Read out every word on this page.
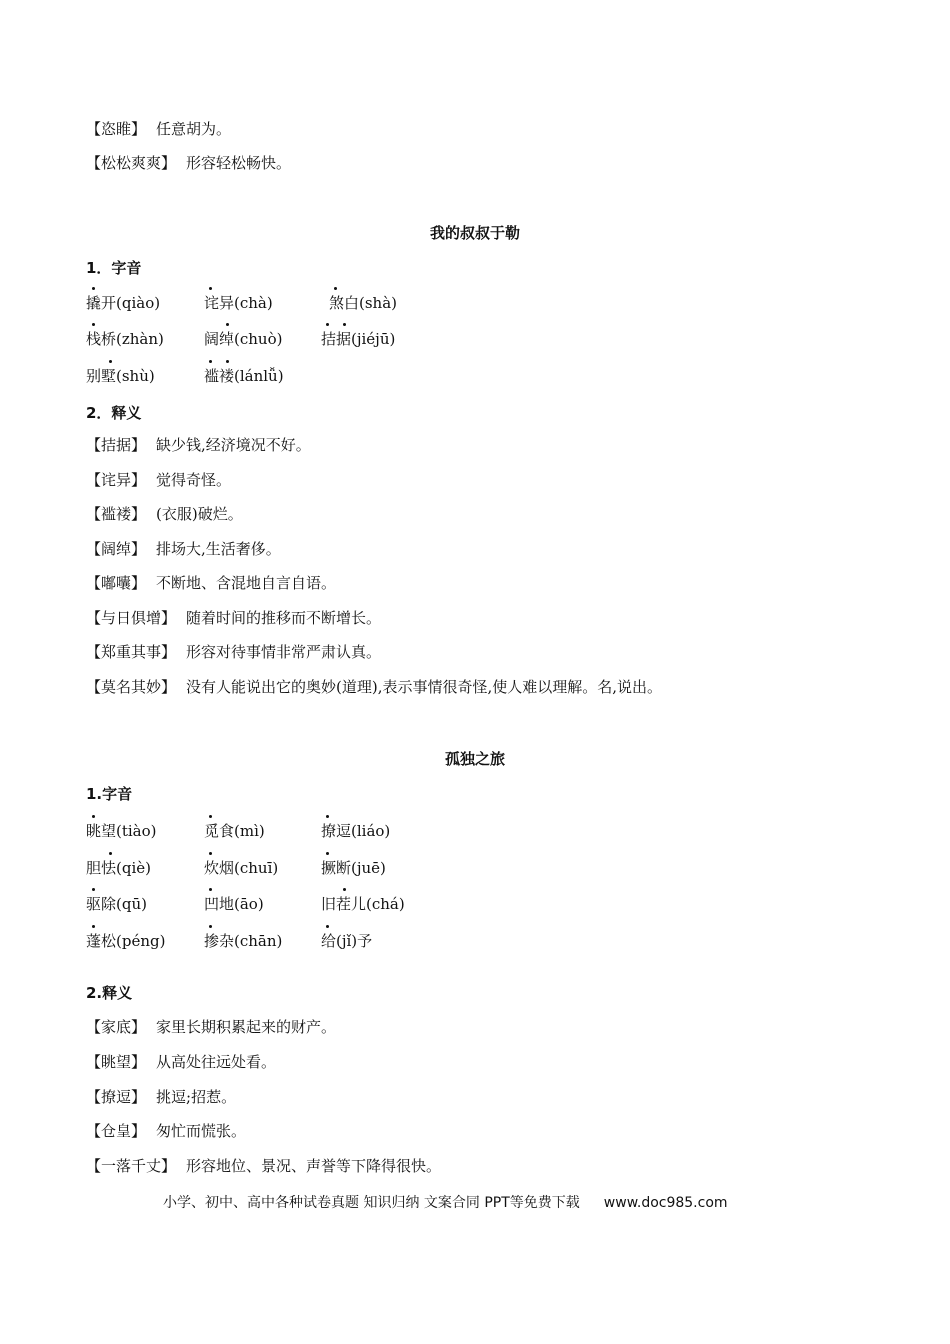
【恣睢】 任意胡为。
【松松爽爽】 形容轻松畅快。
我的叔叔于勒
1．字音
撬开(qiào)	诧异(chà)	煞白(shà)
栈桥(zhàn)	阔绰(chuò)	拮据(jiéjū)
别墅(shù)	褴褛(lánlǚ)
2．释义
【拮据】 缺少钱,经济境况不好。
【诧异】 觉得奇怪。
【褴褛】 (衣服)破烂。
【阔绰】 排场大,生活奢侈。
【嘟囔】 不断地、含混地自言自语。
【与日俱增】 随着时间的推移而不断增长。
【郑重其事】 形容对待事情非常严肃认真。
【莫名其妙】 没有人能说出它的奥妙(道理),表示事情很奇怪,使人难以理解。名,说出。
孤独之旅
1.字音
眺望(tiào)	觅食(mì)	撩逗(liáo)
胆怯(qiè)	炊烟(chuī)	撅断(juē)
驱除(qū)	凹地(āo)	旧茬儿(chá)
蓬松(péng)	掺杂(chān)	给(jǐ)予
2.释义
【家底】 家里长期积累起来的财产。
【眺望】 从高处往远处看。
【撩逗】 挑逗;招惹。
【仓皇】 匆忙而慌张。
【一落千丈】 形容地位、景况、声誉等下降得很快。
小学、初中、高中各种试卷真题 知识归纳 文案合同 PPT等免费下载 www.doc985.com
